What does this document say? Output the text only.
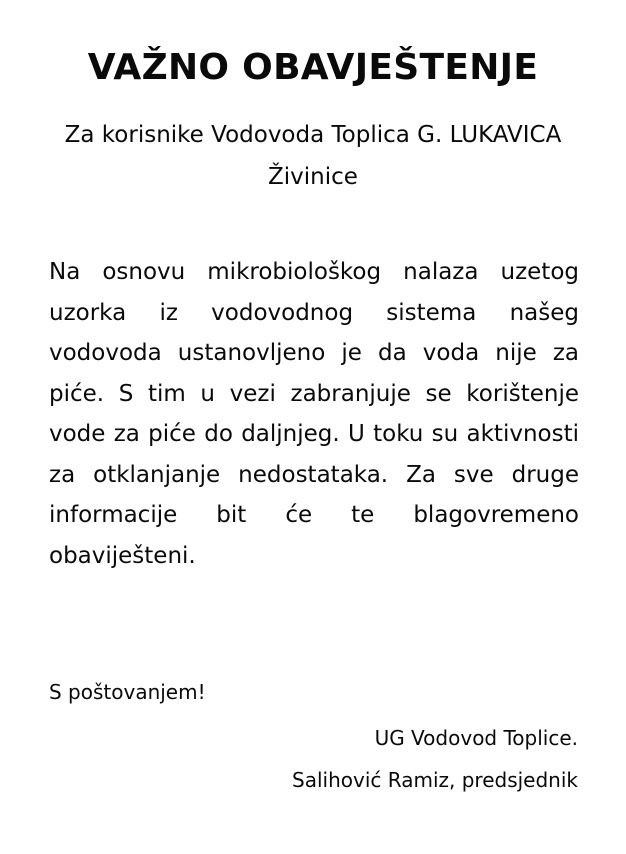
VAŽNO OBAVJEŠTENJE
Za korisnike Vodovoda Toplica G. LUKAVICA Živinice
Na osnovu mikrobiološkog nalaza uzetog uzorka iz vodovodnog sistema našeg vodovoda ustanovljeno je da voda nije za piće. S tim u vezi zabranjuje se korištenje vode za piće do daljnjeg. U toku su aktivnosti za otklanjanje nedostataka. Za sve druge informacije bit će te blagovremeno obaviješteni.
S poštovanjem!
UG Vodovod Toplice.
Salihović Ramiz, predsjednik
